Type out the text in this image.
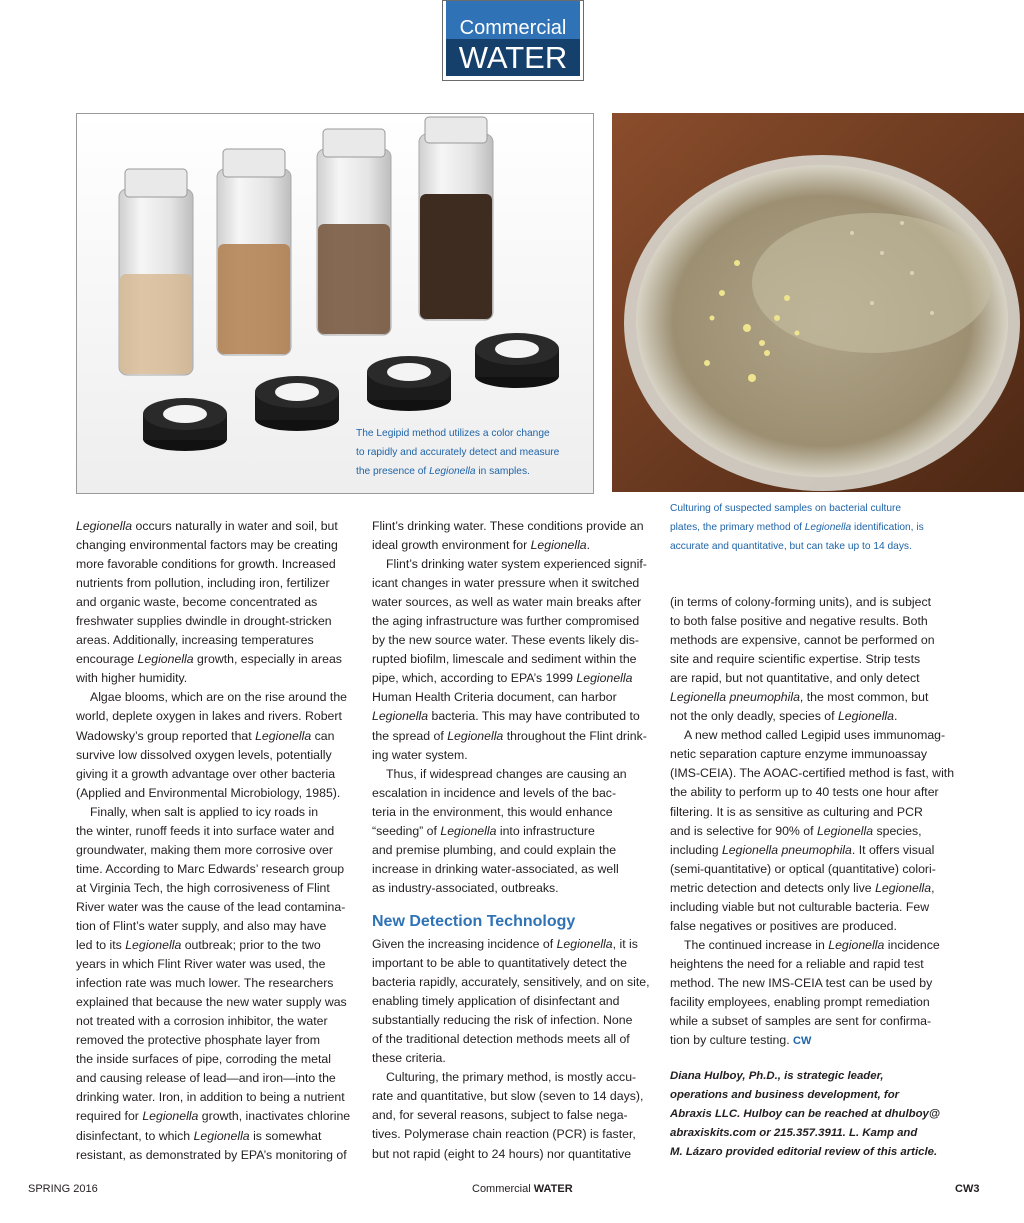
Commercial
WATER
The Legipid method utilizes a color change
to rapidly and accurately detect and measure
the presence of Legionella in samples.
Culturing of suspected samples on bacterial culture
plates, the primary method of Legionella identification, is
accurate and quantitative, but can take up to 14 days.

Legionella occurs naturally in water and soil, but

changing environmental factors may be creating

more favorable conditions for growth. Increased

nutrients from pollution, including iron, fertilizer

and organic waste, become concentrated as

freshwater supplies dwindle in drought-stricken

areas. Additionally, increasing temperatures

encourage Legionella growth, especially in areas

with higher humidity.

Algae blooms, which are on the rise around the

world, deplete oxygen in lakes and rivers. Robert

Wadowsky’s group reported that Legionella can

survive low dissolved oxygen levels, potentially

giving it a growth advantage over other bacteria

(Applied and Environmental Microbiology, 1985).

Finally, when salt is applied to icy roads in

the winter, runoff feeds it into surface water and

groundwater, making them more corrosive over

time. According to Marc Edwards’ research group

at Virginia Tech, the high corrosiveness of Flint

River water was the cause of the lead contamina-

tion of Flint’s water supply, and also may have

led to its Legionella outbreak; prior to the two

years in which Flint River water was used, the

infection rate was much lower. The researchers

explained that because the new water supply was

not treated with a corrosion inhibitor, the water

removed the protective phosphate layer from

the inside surfaces of pipe, corroding the metal

and causing release of lead—and iron—into the

drinking water. Iron, in addition to being a nutrient

required for Legionella growth, inactivates chlorine

disinfectant, to which Legionella is somewhat

resistant, as demonstrated by EPA’s monitoring of

Flint’s drinking water. These conditions provide an

ideal growth environment for Legionella.

Flint’s drinking water system experienced signif-

icant changes in water pressure when it switched

water sources, as well as water main breaks after

the aging infrastructure was further compromised

by the new source water. These events likely dis-

rupted biofilm, limescale and sediment within the

pipe, which, according to EPA’s 1999 Legionella

Human Health Criteria document, can harbor

Legionella bacteria. This may have contributed to

the spread of Legionella throughout the Flint drink-

ing water system.

Thus, if widespread changes are causing an

escalation in incidence and levels of the bac-

teria in the environment, this would enhance

“seeding” of Legionella into infrastructure

and premise plumbing, and could explain the

increase in drinking water-associated, as well

as industry-associated, outbreaks.

New Detection Technology

Given the increasing incidence of Legionella, it is

important to be able to quantitatively detect the

bacteria rapidly, accurately, sensitively, and on site,

enabling timely application of disinfectant and

substantially reducing the risk of infection. None

of the traditional detection methods meets all of

these criteria.

Culturing, the primary method, is mostly accu-

rate and quantitative, but slow (seven to 14 days),

and, for several reasons, subject to false nega-

tives. Polymerase chain reaction (PCR) is faster,

but not rapid (eight to 24 hours) nor quantitative

(in terms of colony-forming units), and is subject

to both false positive and negative results. Both

methods are expensive, cannot be performed on

site and require scientific expertise. Strip tests

are rapid, but not quantitative, and only detect

Legionella pneumophila, the most common, but

not the only deadly, species of Legionella.

A new method called Legipid uses immunomag-

netic separation capture enzyme immunoassay

(IMS-CEIA). The AOAC-certified method is fast, with

the ability to perform up to 40 tests one hour after

filtering. It is as sensitive as culturing and PCR

and is selective for 90% of Legionella species,

including Legionella pneumophila. It offers visual

(semi-quantitative) or optical (quantitative) colori-

metric detection and detects only live Legionella,

including viable but not culturable bacteria. Few

false negatives or positives are produced.

The continued increase in Legionella incidence

heightens the need for a reliable and rapid test

method. The new IMS-CEIA test can be used by

facility employees, enabling prompt remediation

while a subset of samples are sent for confirma-

tion by culture testing. CW

Diana Hulboy, Ph.D., is strategic leader,

operations and business development, for

Abraxis LLC. Hulboy can be reached at dhulboy@

abraxiskits.com or 215.357.3911. L. Kamp and

M. Lázaro provided editorial review of this article.

SPRING 2016	Commercial WATER	CW3
